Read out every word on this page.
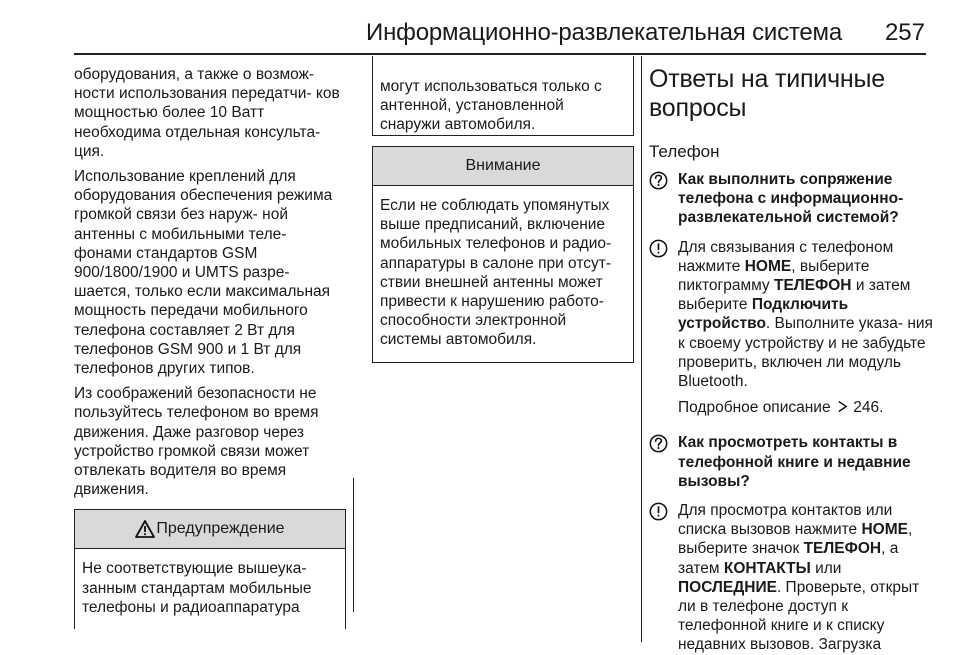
Информационно-развлекательная система 257

оборудования, а также о возмож- ности использования передатчи- ков мощностью более 10 Ватт необходима отдельная консульта- ция.

Использование креплений для оборудования обеспечения режима громкой связи без наруж- ной антенны с мобильными теле- фонами стандартов GSM 900/1800/1900 и UMTS разре- шается, только если максимальная мощность передачи мобильного телефона составляет 2 Вт для телефонов GSM 900 и 1 Вт для телефонов других типов.

Из соображений безопасности не пользуйтесь телефоном во время движения. Даже разговор через устройство громкой связи может отвлекать водителя во время движения.

Предупреждение
Не соответствующие вышеука- занным стандартам мобильные телефоны и радиоаппаратура
могут использоваться только с антенной, установленной снаружи автомобиля.
Внимание
Если не соблюдать упомянутых выше предписаний, включение мобильных телефонов и радио- аппаратуры в салоне при отсут- ствии внешней антенны может привести к нарушению работо- способности электронной системы автомобиля.
Ответы на типичные вопросы
Телефон
Как выполнить сопряжение телефона с информационно- развлекательной системой?
Для связывания с телефоном нажмите HOME, выберите пиктограмму ТЕЛЕФОН и затем выберите Подключить устройство. Выполните указа- ния к своему устройству и не забудьте проверить, включен ли модуль Bluetooth.
Подробное описание 246.
Как просмотреть контакты в телефонной книге и недавние вызовы?
Для просмотра контактов или списка вызовов нажмите HOME, выберите значок ТЕЛЕФОН, а затем КОНТАКТЫ или ПОСЛЕДНИЕ. Проверьте, открыт ли в телефоне доступ к телефонной книге и к списку недавних вызовов. Загрузка
